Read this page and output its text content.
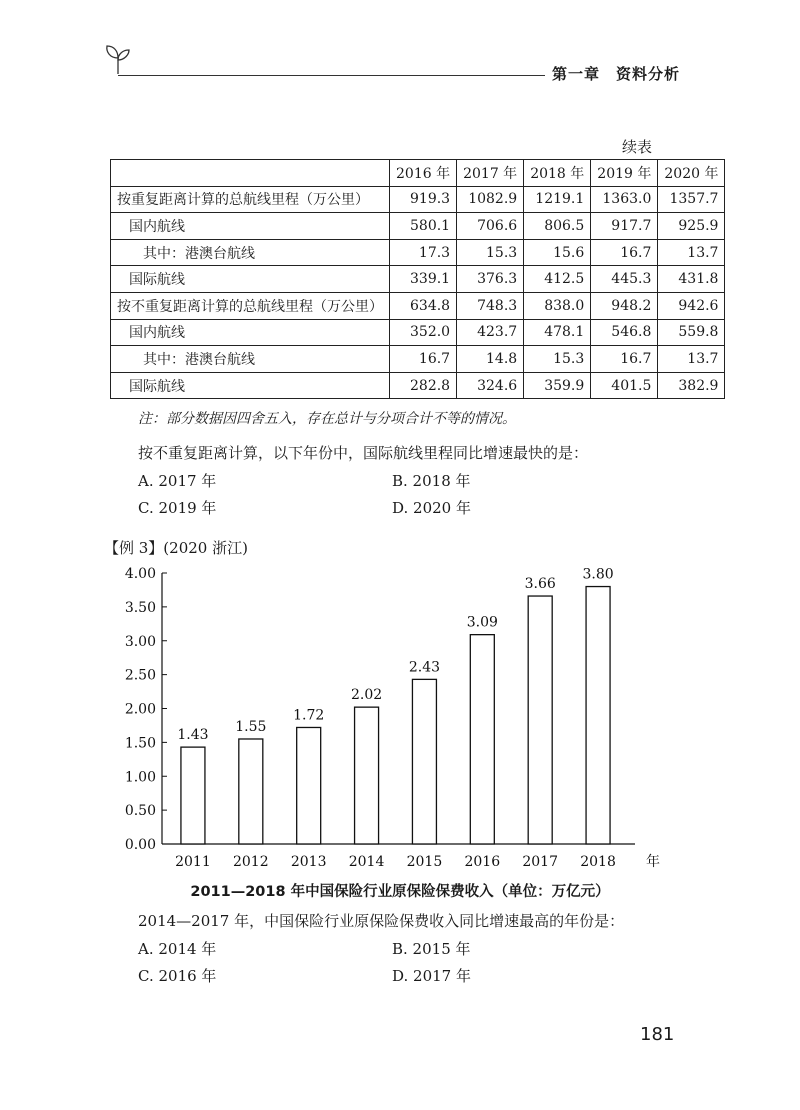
第一章　资料分析
续表
	2016 年	2017 年	2018 年	2019 年	2020 年
按重复距离计算的总航线里程（万公里）	919.3	1082.9	1219.1	1363.0	1357.7
国内航线	580.1	706.6	806.5	917.7	925.9
其中：港澳台航线	17.3	15.3	15.6	16.7	13.7
国际航线	339.1	376.3	412.5	445.3	431.8
按不重复距离计算的总航线里程（万公里）	634.8	748.3	838.0	948.2	942.6
国内航线	352.0	423.7	478.1	546.8	559.8
其中：港澳台航线	16.7	14.8	15.3	16.7	13.7
国际航线	282.8	324.6	359.9	401.5	382.9
注：部分数据因四舍五入，存在总计与分项合计不等的情况。
按不重复距离计算，以下年份中，国际航线里程同比增速最快的是：
A. 2017 年	B. 2018 年
C. 2019 年	D. 2020 年
【例 3】(2020 浙江)
0.00
0.50
1.00
1.50
2.00
2.50
3.00
3.50
4.00
1.43
2011
1.55
2012
1.72
2013
2.02
2014
2.43
2015
3.09
2016
3.66
2017
3.80
2018 年
2011—2018 年中国保险行业原保险保费收入（单位：万亿元）
2014—2017 年，中国保险行业原保险保费收入同比增速最高的年份是：
A. 2014 年	B. 2015 年
C. 2016 年	D. 2017 年
181
